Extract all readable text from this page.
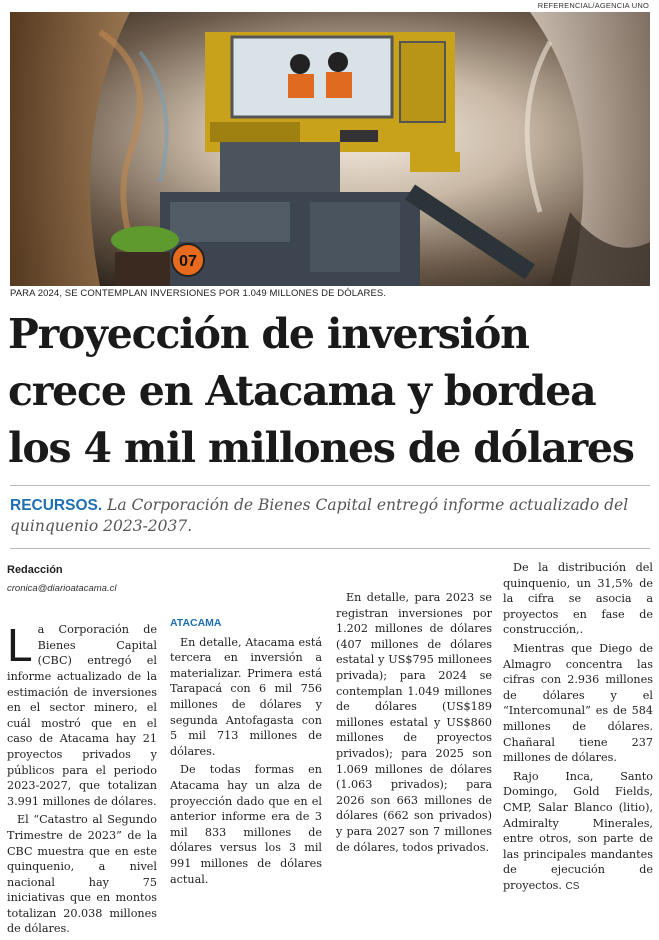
REFERENCIAL/AGENCIA UNO
07
PARA 2024, SE CONTEMPLAN INVERSIONES POR 1.049 MILLONES DE DÓLARES.
Proyección de inversión
crece en Atacama y bordea
los 4 mil millones de dólares
RECURSOS. La Corporación de Bienes Capital entregó informe actualizado del quinquenio 2023-2037.
Redacción
cronica@diarioatacama.cl

La Corporación de Bienes Capital (CBC) entregó el informe actualizado de la estimación de inversiones en el sector minero, el cuál mostró que en el caso de Atacama hay 21 proyectos privados y públicos para el periodo 2023-2027, que totalizan 3.991 millones de dólares.

El “Catastro al Segundo Trimestre de 2023” de la CBC muestra que en este quinquenio, a nivel nacional hay 75 iniciativas que en montos totalizan 20.038 millones de dólares.

ATACAMA

En detalle, Atacama está tercera en inversión a materializar. Primera está Tarapacá con 6 mil 756 millones de dólares y segunda Antofagasta con 5 mil 713 millones de dólares.

De todas formas en Atacama hay un alza de proyección dado que en el anterior informe era de 3 mil 833 millones de dólares versus los 3 mil 991 millones de dólares actual.

En detalle, para 2023 se registran inversiones por 1.202 millones de dólares (407 millones de dólares estatal y US$795 millonees privada); para 2024 se contemplan 1.049 millones de dólares (US$189 millones estatal y US$860 millones de proyectos privados); para 2025 son 1.069 millones de dólares (1.063 privados); para 2026 son 663 millones de dólares (662 son privados) y para 2027 son 7 millones de dólares, todos privados.

De la distribución del quinquenio, un 31,5% de la cifra se asocia a proyectos en fase de construcción,.

Mientras que Diego de Almagro concentra las cifras con 2.936 millones de dólares y el “Intercomunal” es de 584 millones de dólares. Chañaral tiene 237 millones de dólares.

Rajo Inca, Santo Domingo, Gold Fields, CMP, Salar Blanco (litio), Admiralty Minerales, entre otros, son parte de las principales mandantes de ejecución de proyectos. CS
